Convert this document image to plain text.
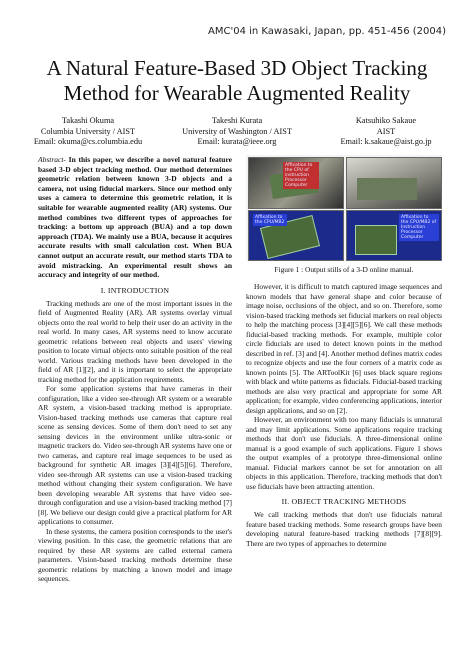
AMC'04 in Kawasaki, Japan, pp. 451-456 (2004)
A Natural Feature-Based 3D Object Tracking
Method for Wearable Augmented Reality
Takashi Okuma
Columbia University / AIST
Email: okuma@cs.columbia.edu
Takeshi Kurata
University of Washington / AIST
Email: kurata@ieee.org
Katsuhiko Sakaue
AIST
Email: k.sakaue@aist.go.jp

Abstract- In this paper, we describe a novel natural feature based 3-D object tracking method. Our method determines geometric relation between known 3-D objects and a camera, not using fiducial markers. Since our method only uses a camera to determine this geometric relation, it is suitable for wearable augmented reality (AR) systems. Our method combines two different types of approaches for tracking: a bottom up approach (BUA) and a top down approach (TDA). We mainly use a BUA, because it acquires accurate results with small calculation cost. When BUA cannot output an accurate result, our method starts TDA to avoid mistracking. An experimental result shows an accuracy and integrity of our method.

I. INTRODUCTION

Tracking methods are one of the most important issues in the field of Augmented Reality (AR). AR systems overlay virtual objects onto the real world to help their user do an activity in the real world. In many cases, AR systems need to know accurate geometric relations between real objects and users' viewing position to locate virtual objects onto suitable position of the real world. Various tracking methods have been developed in the field of AR [1][2], and it is important to select the appropriate tracking method for the application requirements.

For some application systems that have cameras in their configuration, like a video see-through AR system or a wearable AR system, a vision-based tracking method is appropriate. Vision-based tracking methods use cameras that capture real scene as sensing devices. Some of them don't need to set any sensing devices in the environment unlike ultra-sonic or magnetic trackers do. Video see-through AR systems have one or two cameras, and capture real image sequences to be used as background for synthetic AR images [3][4][5][6]. Therefore, video see-through AR systems can use a vision-based tracking method without changing their system configuration. We have been developing wearable AR systems that have video see-through configuration and use a vision-based tracking method [7][8]. We believe our design could give a practical platform for AR applications to consumer.

In these systems, the camera position corresponds to the user's viewing position. In this case, the geometric relations that are required by these AR systems are called external camera parameters. Vision-based tracking methods determine these geometric relations by matching a known model and image sequences.

Affixation to the CPU of instruction Processor Computer
Affixation to the CPU/MB2
Affixation to the CPU/MB2 of Instruction Processor Computer
Figure 1 : Output stills of a 3-D online manual.

However, it is difficult to match captured image sequences and known models that have general shape and color because of image noise, occlusions of the object, and so on. Therefore, some vision-based tracking methods set fiducial markers on real objects to help the matching process [3][4][5][6]. We call these methods fiducial-based tracking methods. For example, multiple color circle fiducials are used to detect known points in the method described in ref. [3] and [4]. Another method defines matrix codes to recognize objects and use the four corners of a matrix code as known points [5]. The ARToolKit [6] uses black square regions with black and white patterns as fiducials. Fiducial-based tracking methods are also very practical and appropriate for some AR application; for example, video conferencing applications, interior design applications, and so on [2].

However, an environment with too many fiducials is unnatural and may limit applications. Some applications require tracking methods that don't use fiducials. A three-dimensional online manual is a good example of such applications. Figure 1 shows the output examples of a prototype three-dimensional online manual. Fiducial markers cannot be set for annotation on all objects in this application. Therefore, tracking methods that don't use fiducials have been attracting attention.

II. OBJECT TRACKING METHODS

We call tracking methods that don't use fiducials natural feature based tracking methods. Some research groups have been developing natural feature-based tracking methods [7][8][9]. There are two types of approaches to determine
